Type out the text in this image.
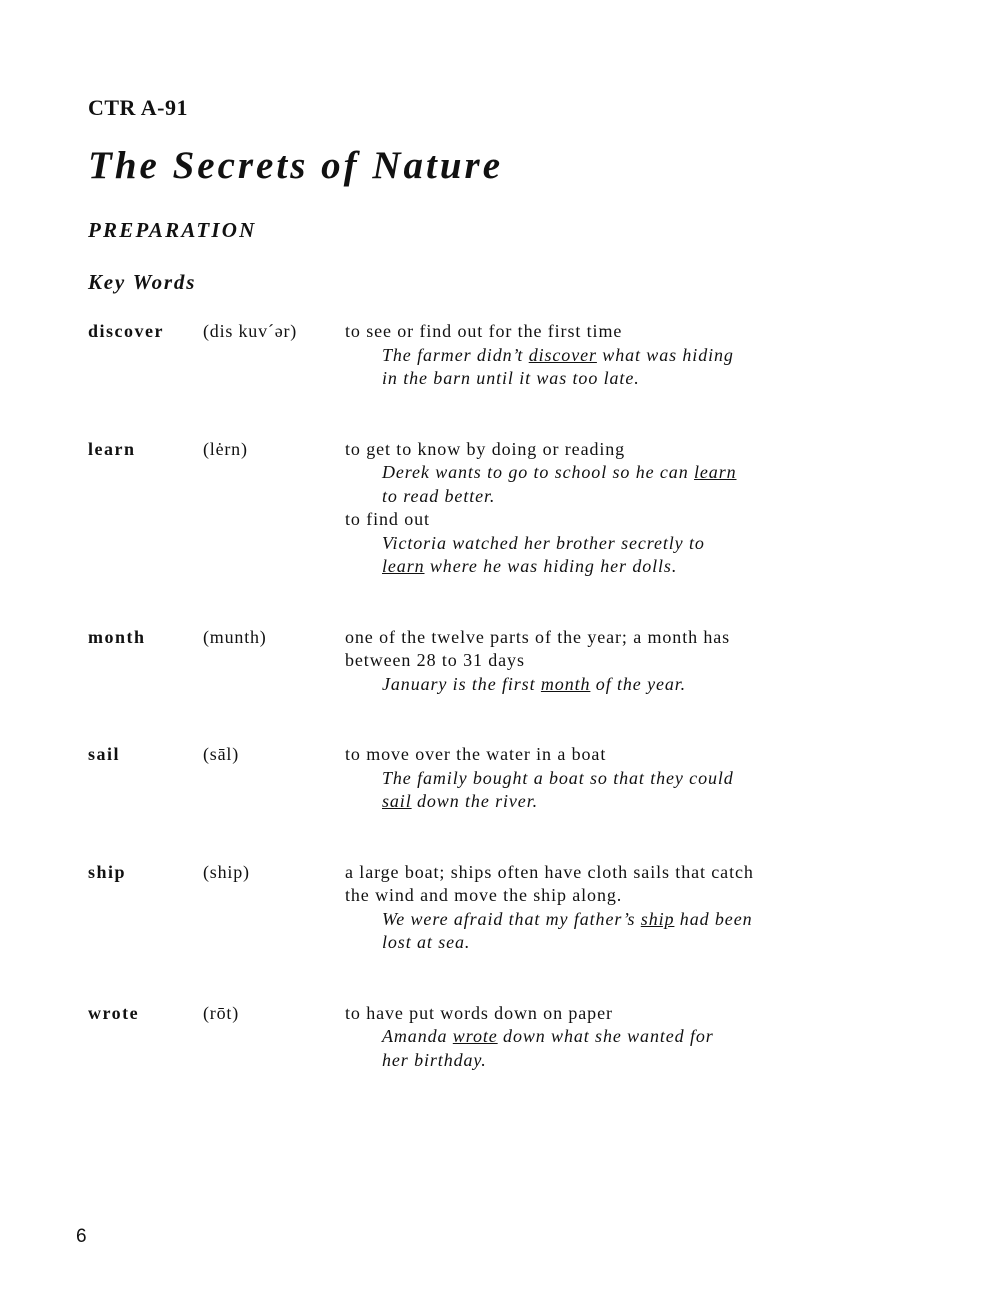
CTR A-91
The Secrets of Nature
PREPARATION
Key Words
discover (dis kuv´ər)	to see or find out for the first time
The farmer didn’t discover what was hiding
in the barn until it was too late.
learn	(lėrn)	to get to know by doing or reading
Derek wants to go to school so he can learn
to read better.
to find out
Victoria watched her brother secretly to
learn where he was hiding her dolls.
month	(munth)	one of the twelve parts of the year; a month has
between 28 to 31 days
January is the first month of the year.
sail	(sāl)	to move over the water in a boat
The family bought a boat so that they could
sail down the river.
ship	(ship)	a large boat; ships often have cloth sails that catch
the wind and move the ship along.
We were afraid that my father’s ship had been
lost at sea.
wrote	(rōt)	to have put words down on paper
Amanda wrote down what she wanted for
her birthday.
6
